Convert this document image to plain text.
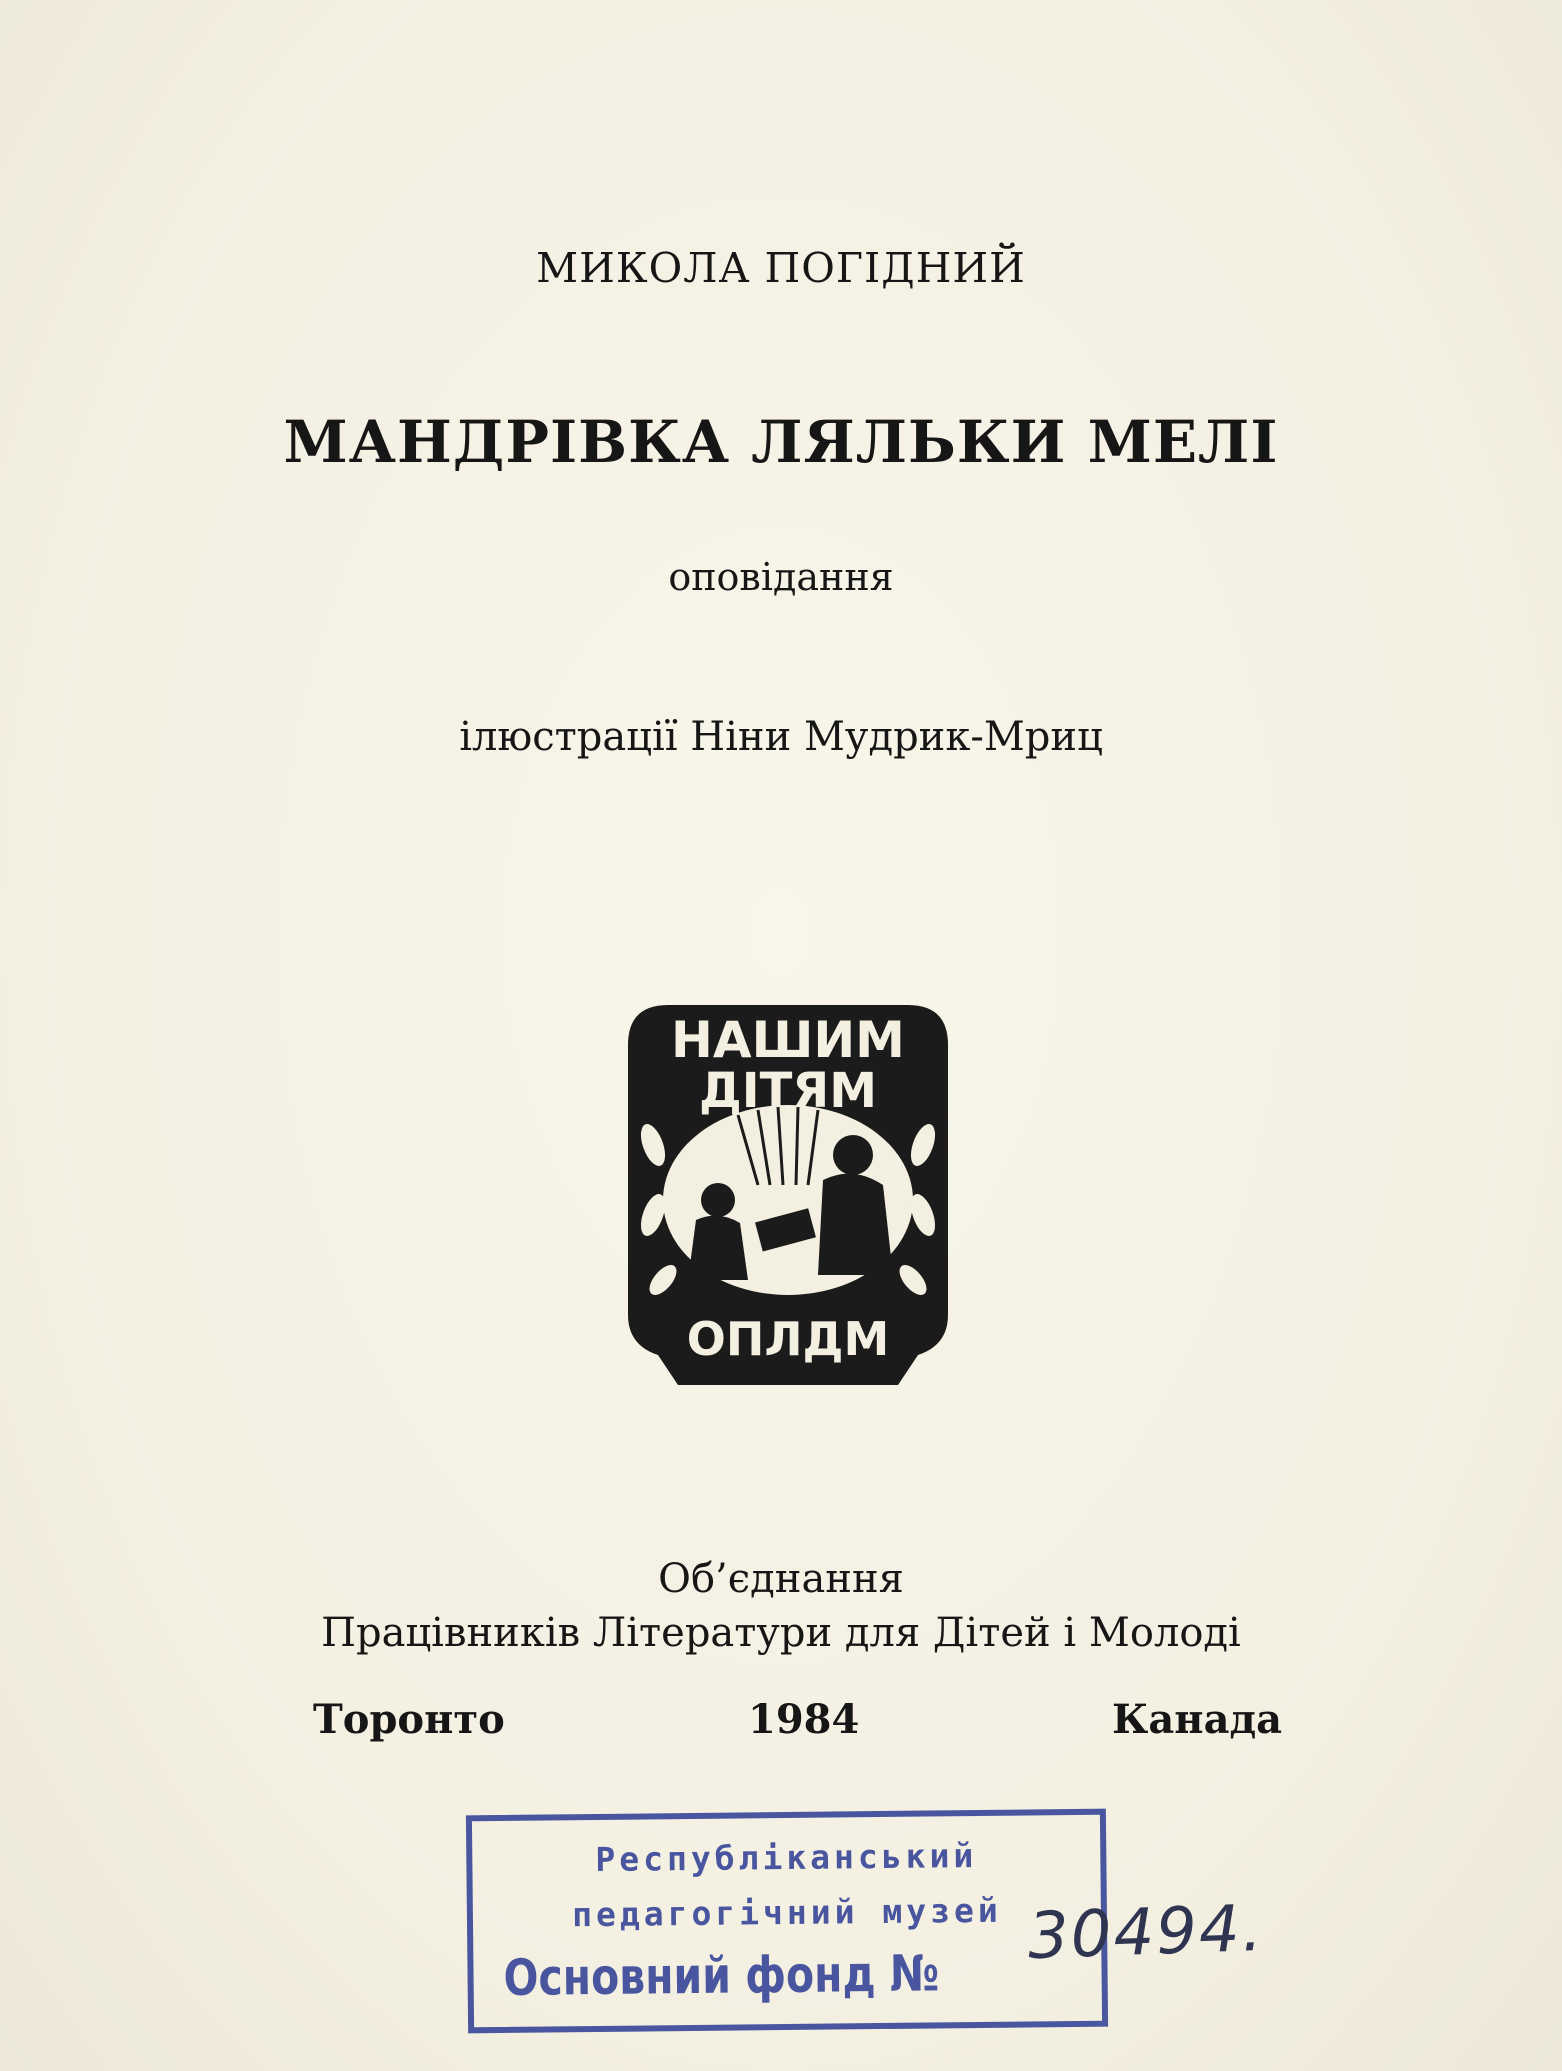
МИКОЛА ПОГІДНИЙ
МАНДРІВКА ЛЯЛЬКИ МЕЛІ
оповідання
ілюстрації Ніни Мудрик-Мриц
НАШИМ
ДІТЯМ
ОПЛДМ
Об’єднання
Працівників Літератури для Дітей і Молоді
Торонто	1984	Канада
Республіканський
педагогічний музей
Основний фонд №
30494.
